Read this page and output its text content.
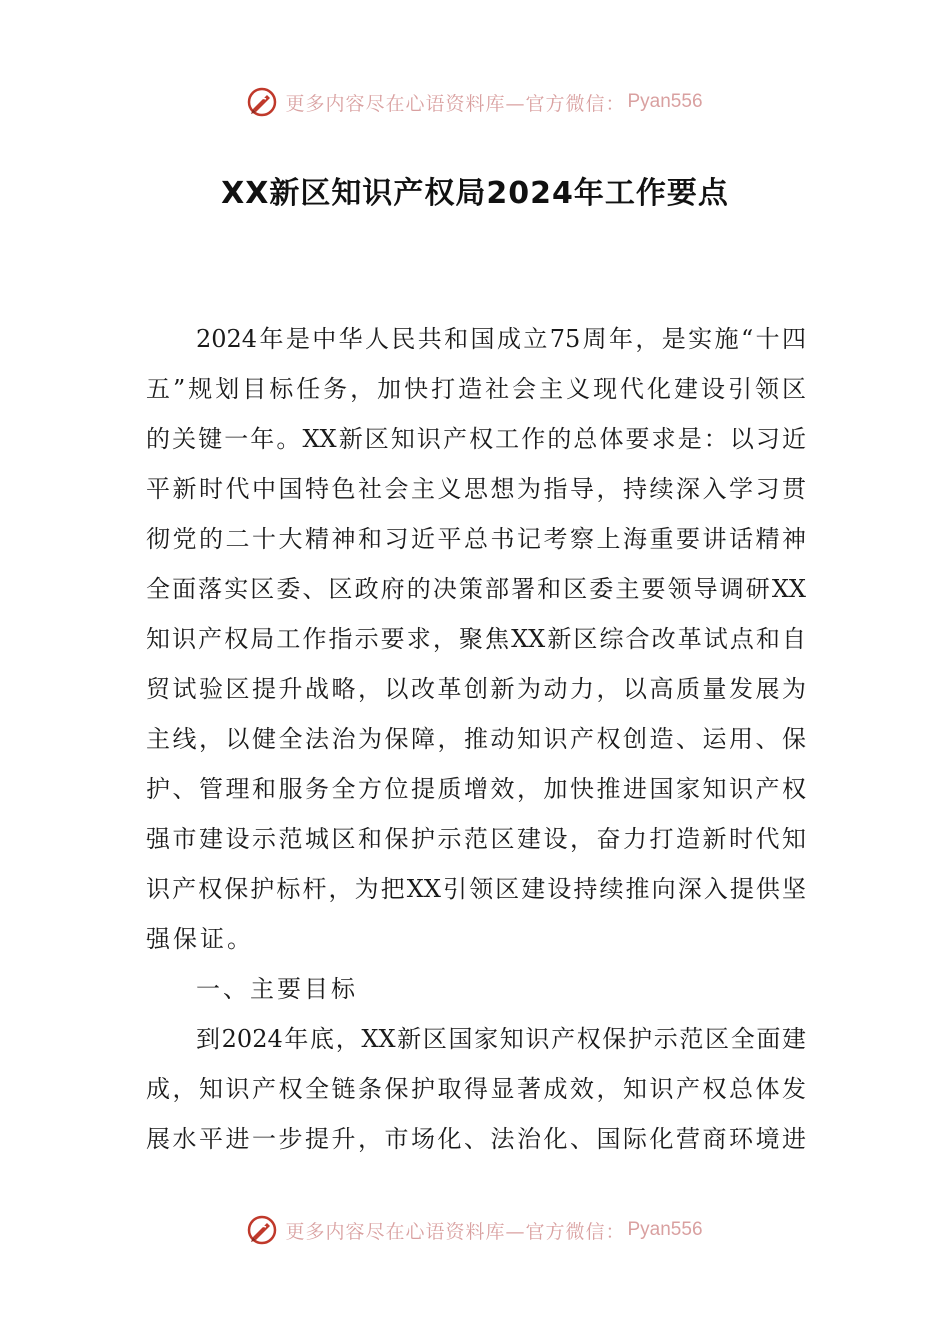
更多内容尽在心语资料库—官方微信： Pyan556
XX新区知识产权局2024年工作要点
2024年是中华人民共和国成立75周年，是实施“十四
五”规划目标任务，加快打造社会主义现代化建设引领区
的关键一年。XX新区知识产权工作的总体要求是：以习近
平新时代中国特色社会主义思想为指导，持续深入学习贯
彻党的二十大精神和习近平总书记考察上海重要讲话精神
全面落实区委、区政府的决策部署和区委主要领导调研XX
知识产权局工作指示要求，聚焦XX新区综合改革试点和自
贸试验区提升战略，以改革创新为动力，以高质量发展为
主线，以健全法治为保障，推动知识产权创造、运用、保
护、管理和服务全方位提质增效，加快推进国家知识产权
强市建设示范城区和保护示范区建设，奋力打造新时代知
识产权保护标杆，为把XX引领区建设持续推向深入提供坚
强保证。
一、主要目标
到2024年底，XX新区国家知识产权保护示范区全面建
成，知识产权全链条保护取得显著成效，知识产权总体发
展水平进一步提升，市场化、法治化、国际化营商环境进
更多内容尽在心语资料库—官方微信： Pyan556
